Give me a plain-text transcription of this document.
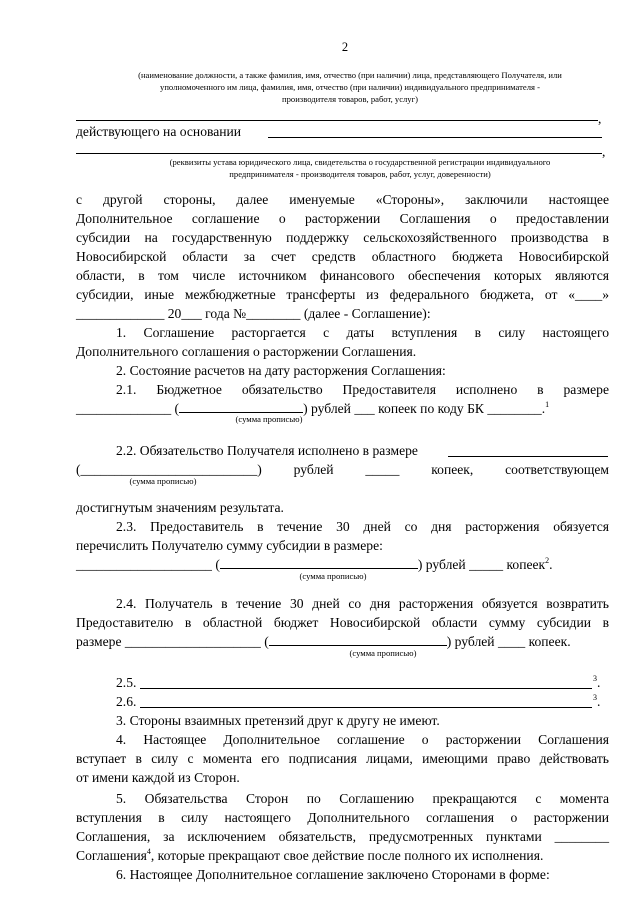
2
(наименование должности, а также фамилия, имя, отчество (при наличии) лица, представляющего Получателя, или
уполномоченного им лица, фамилия, имя, отчество (при наличии) индивидуального предпринимателя -
производителя товаров, работ, услуг)
,
действующего на основании
,
(реквизиты устава юридического лица, свидетельства о государственной регистрации индивидуального
предпринимателя - производителя товаров, работ, услуг, доверенности)
с другой стороны, далее именуемые «Стороны», заключили настоящее
Дополнительное соглашение о расторжении Соглашения о предоставлении
субсидии на государственную поддержку сельскохозяйственного производства в
Новосибирской области за счет средств областного бюджета Новосибирской
области, в том числе источником финансового обеспечения которых являются
субсидии, иные межбюджетные трансферты из федерального бюджета, от «____»
_____________ 20___ года №________ (далее - Соглашение):
1. Соглашение расторгается с даты вступления в силу настоящего
Дополнительного соглашения о расторжении Соглашения.
2. Состояние расчетов на дату расторжения Соглашения:
2.1. Бюджетное обязательство Предоставителя исполнено в размере
______________ (	) рублей ___ копеек по коду БК ________.$^1$
(сумма прописью)
2.2. Обязательство Получателя исполнено в размере
(__________________________) рублей _____ копеек, соответствующем
(сумма прописью)
достигнутым значениям результата.
2.3. Предоставитель в течение 30 дней со дня расторжения обязуется
перечислить Получателю сумму субсидии в размере:
____________________ (	) рублей _____ копеек$^2$.
(сумма прописью)
2.4. Получатель в течение 30 дней со дня расторжения обязуется возвратить
Предоставителю в областной бюджет Новосибирской области сумму субсидии в
размере ____________________ (	) рублей ____ копеек.
(сумма прописью)
2.5.	$^3$.
2.6.	$^3$.
3. Стороны взаимных претензий друг к другу не имеют.
4. Настоящее Дополнительное соглашение о расторжении Соглашения
вступает в силу с момента его подписания лицами, имеющими право действовать
от имени каждой из Сторон.
5. Обязательства Сторон по Соглашению прекращаются с момента
вступления в силу настоящего Дополнительного соглашения о расторжении
Соглашения, за исключением обязательств, предусмотренных пунктами ________
Соглашения$^4$, которые прекращают свое действие после полного их исполнения.
6. Настоящее Дополнительное соглашение заключено Сторонами в форме:
